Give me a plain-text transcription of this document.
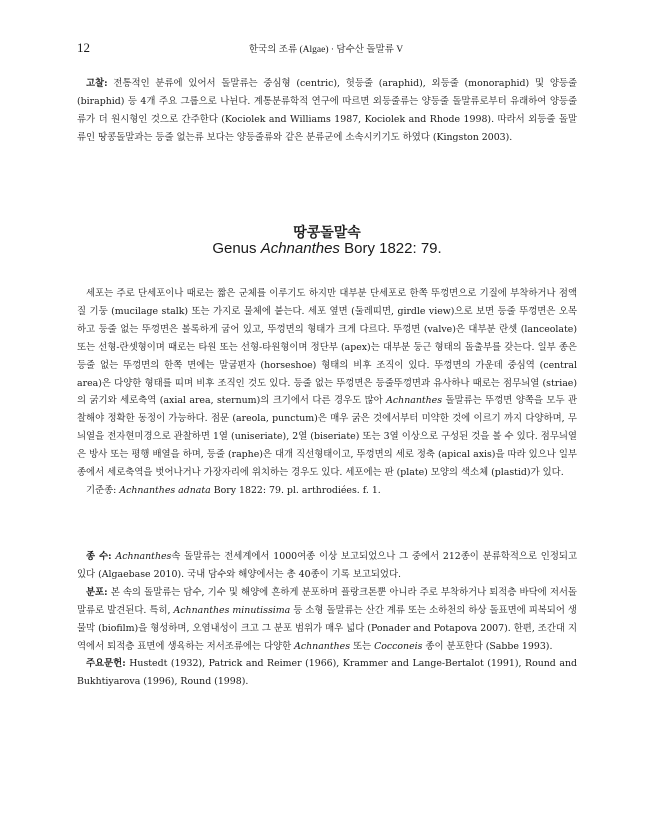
12	한국의 조류 (Algae) · 담수산 돌말류 V

고찰: 전통적인 분류에 있어서 돌말류는 중심형 (centric), 헛등줄 (araphid), 외등줄 (monoraphid) 및 양등줄 (biraphid) 등 4개 주요 그룹으로 나뉜다. 계통분류학적 연구에 따르면 외등줄류는 양등줄 돌말류로부터 유래하여 양등줄류가 더 원시형인 것으로 간주한다 (Kociolek and Williams 1987, Kociolek and Rhode 1998). 따라서 외등줄 돌말류인 땅콩돌말과는 등줄 없는류 보다는 양등줄류와 같은 분류군에 소속시키기도 하였다 (Kingston 2003).

땅콩돌말속
Genus Achnanthes Bory 1822: 79.

세포는 주로 단세포이나 때로는 짧은 군체를 이루기도 하지만 대부분 단세포로 한쪽 뚜껑면으로 기질에 부착하거나 점액질 기둥 (mucilage stalk) 또는 가지로 물체에 붙는다. 세포 옆면 (둘레띠면, girdle view)으로 보면 등줄 뚜껑면은 오목하고 등줄 없는 뚜껑면은 볼록하게 굽어 있고, 뚜껑면의 형태가 크게 다르다. 뚜껑면 (valve)은 대부분 란셋 (lanceolate) 또는 선형-란셋형이며 때로는 타원 또는 선형-타원형이며 정단부 (apex)는 대부분 둥근 형태의 돌출부를 갖는다. 일부 종은 등줄 없는 뚜껑면의 한쪽 면에는 말굽편자 (horseshoe) 형태의 비후 조직이 있다. 뚜껑면의 가운데 중심역 (central area)은 다양한 형태를 띠며 비후 조직인 것도 있다. 등줄 없는 뚜껑면은 등줄뚜껑면과 유사하나 때로는 점무늬열 (striae)의 굵기와 세로축역 (axial area, sternum)의 크기에서 다른 경우도 많아 Achnanthes 돌말류는 뚜껑면 양쪽을 모두 관찰해야 정확한 동정이 가능하다. 점문 (areola, punctum)은 매우 굵은 것에서부터 미약한 것에 이르기 까지 다양하며, 무늬열을 전자현미경으로 관찰하면 1열 (uniseriate), 2열 (biseriate) 또는 3열 이상으로 구성된 것을 볼 수 있다. 점무늬열은 방사 또는 평행 배열을 하며, 등줄 (raphe)은 대개 직선형태이고, 뚜껑면의 세로 정축 (apical axis)을 따라 있으나 일부 종에서 세로축역을 벗어나거나 가장자리에 위치하는 경우도 있다. 세포에는 판 (plate) 모양의 색소체 (plastid)가 있다.

기준종: Achnanthes adnata Bory 1822: 79. pl. arthrodiées. f. 1.

종 수: Achnanthes속 돌말류는 전세계에서 1000여종 이상 보고되었으나 그 중에서 212종이 분류학적으로 인정되고 있다 (Algaebase 2010). 국내 담수와 해양에서는 총 40종이 기록 보고되었다.

분포: 본 속의 돌말류는 담수, 기수 및 해양에 흔하게 분포하며 플랑크톤뿐 아니라 주로 부착하거나 퇴적층 바닥에 저서돌말류로 발견된다. 특히, Achnanthes minutissima 등 소형 돌말류는 산간 계류 또는 소하천의 하상 돌표면에 피복되어 생물막 (biofilm)을 형성하며, 오염내성이 크고 그 분포 범위가 매우 넓다 (Ponader and Potapova 2007). 한편, 조간대 지역에서 퇴적층 표면에 생육하는 저서조류에는 다양한 Achnanthes 또는 Cocconeis 종이 분포한다 (Sabbe 1993).

주요문헌: Hustedt (1932), Patrick and Reimer (1966), Krammer and Lange-Bertalot (1991), Round and Bukhtiyarova (1996), Round (1998).
